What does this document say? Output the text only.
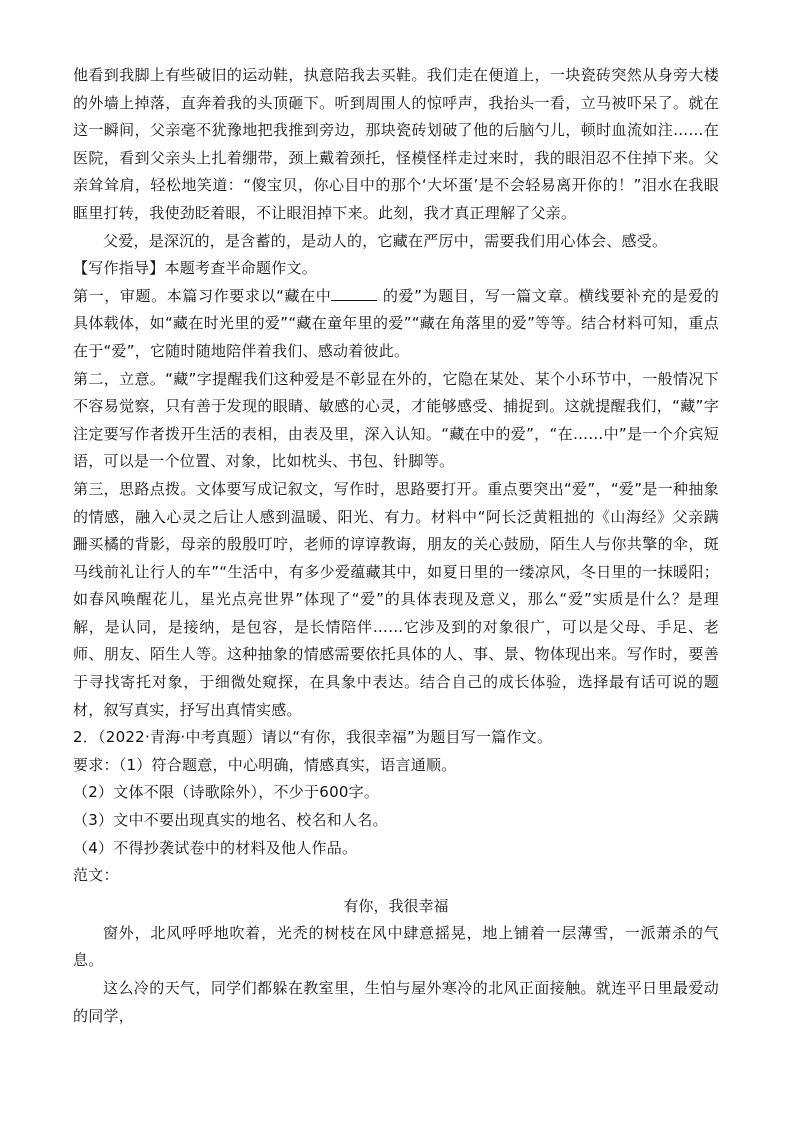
他看到我脚上有些破旧的运动鞋，执意陪我去买鞋。我们走在便道上，一块瓷砖突然从身旁大楼的外墙上掉落，直奔着我的头顶砸下。听到周围人的惊呼声，我抬头一看，立马被吓呆了。就在这一瞬间，父亲毫不犹豫地把我推到旁边，那块瓷砖划破了他的后脑勺儿，顿时血流如注……在医院，看到父亲头上扎着绷带，颈上戴着颈托，怪模怪样走过来时，我的眼泪忍不住掉下来。父亲耸耸肩，轻松地笑道：“傻宝贝，你心目中的那个‘大坏蛋’是不会轻易离开你的！”泪水在我眼眶里打转，我使劲眨着眼，不让眼泪掉下来。此刻，我才真正理解了父亲。

父爱，是深沉的，是含蓄的，是动人的，它藏在严厉中，需要我们用心体会、感受。

【写作指导】本题考查半命题作文。

第一，审题。本篇习作要求以“藏在中	的爱”为题目，写一篇文章。横线要补充的是爱的具体载体，如“藏在时光里的爱”“藏在童年里的爱”“藏在角落里的爱”等等。结合材料可知，重点在于“爱”，它随时随地陪伴着我们、感动着彼此。

第二，立意。“藏”字提醒我们这种爱是不彰显在外的，它隐在某处、某个小环节中，一般情况下不容易觉察，只有善于发现的眼睛、敏感的心灵，才能够感受、捕捉到。这就提醒我们，“藏”字注定要写作者拨开生活的表相，由表及里，深入认知。“藏在中的爱”，“在……中”是一个介宾短语，可以是一个位置、对象，比如枕头、书包、针脚等。

第三，思路点拨。文体要写成记叙文，写作时，思路要打开。重点要突出“爱”，“爱”是一种抽象的情感，融入心灵之后让人感到温暖、阳光、有力。材料中“阿长泛黄粗拙的《山海经》父亲蹒跚买橘的背影，母亲的殷殷叮咛，老师的谆谆教诲，朋友的关心鼓励，陌生人与你共擎的伞，斑马线前礼让行人的车”“生活中，有多少爱蕴藏其中，如夏日里的一缕凉风，冬日里的一抹暖阳；如春风唤醒花儿，星光点亮世界”体现了“爱”的具体表现及意义，那么“爱”实质是什么？是理解，是认同，是接纳，是包容，是长情陪伴……它涉及到的对象很广，可以是父母、手足、老师、朋友、陌生人等。这种抽象的情感需要依托具体的人、事、景、物体现出来。写作时，要善于寻找寄托对象，于细微处窥探，在具象中表达。结合自己的成长体验，选择最有话可说的题材，叙写真实，抒写出真情实感。

2．（2022·青海·中考真题）请以“有你，我很幸福”为题目写一篇作文。

要求：（1）符合题意，中心明确，情感真实，语言通顺。

（2）文体不限（诗歌除外），不少于600字。

（3）文中不要出现真实的地名、校名和人名。

（4）不得抄袭试卷中的材料及他人作品。

范文：

有你，我很幸福

窗外，北风呼呼地吹着，光秃的树枝在风中肆意摇晃，地上铺着一层薄雪，一派萧杀的气息。

这么冷的天气，同学们都躲在教室里，生怕与屋外寒冷的北风正面接触。就连平日里最爱动的同学，
